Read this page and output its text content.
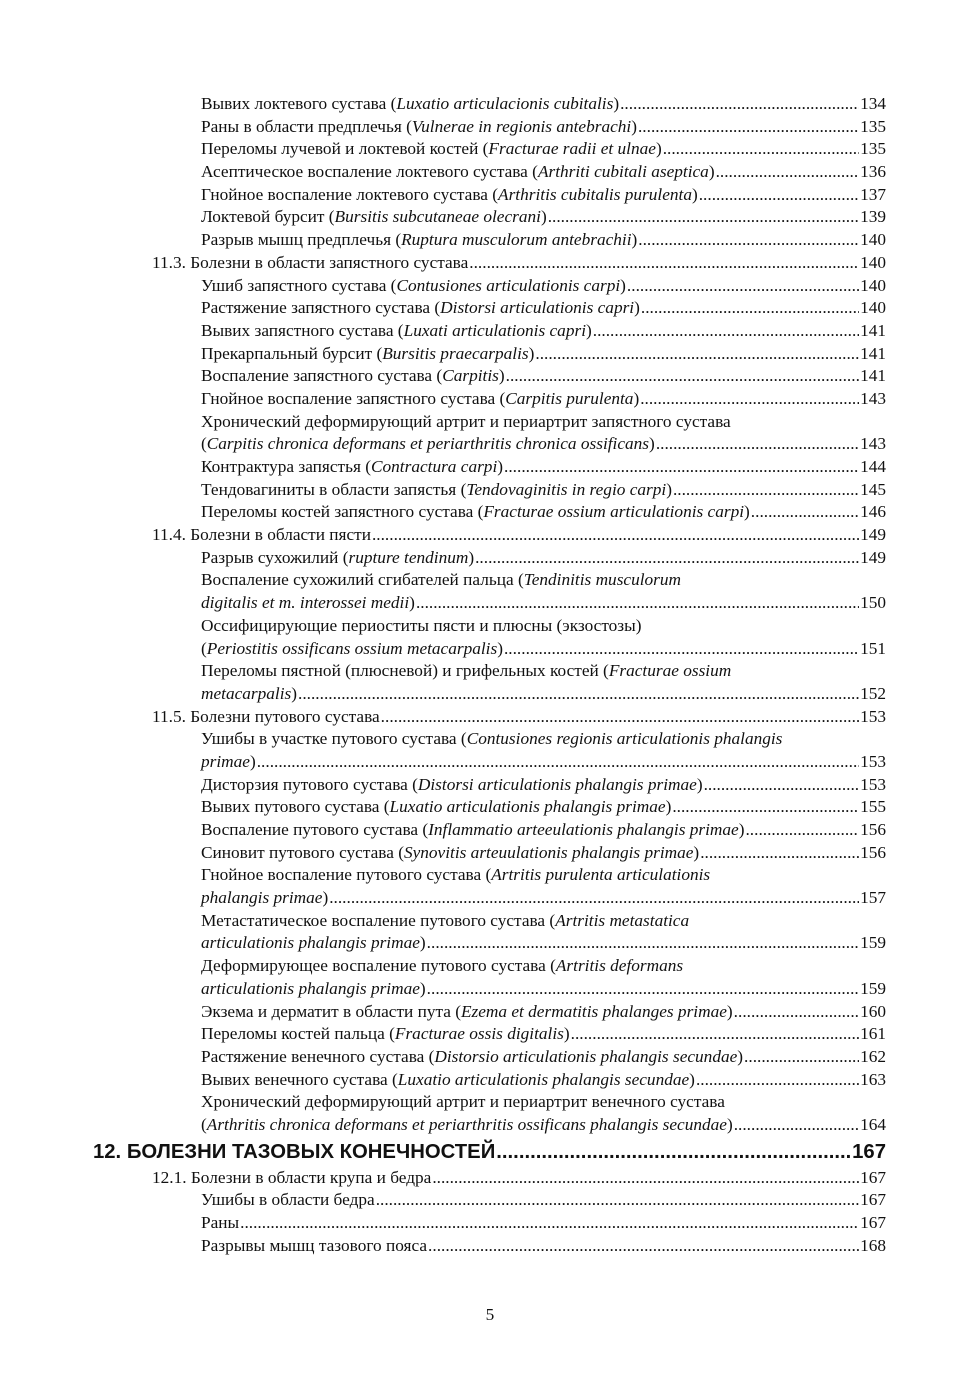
Вывих локтевого сустава (Luxatio articulacionis cubitalis) .....	134
Раны в области предплечья (Vulnerae in regionis antebrachi) .....	135
Переломы лучевой и локтевой костей (Fracturae radii et ulnae) .....	135
Асептическое воспаление локтевого сустава (Arthriti cubitali aseptica) .....	136
Гнойное воспаление локтевого сустава (Arthritis cubitalis purulenta) .....	137
Локтевой бурсит (Bursitis subcutaneae olecrani) .....	139
Разрыв мышц предплечья (Ruptura musculorum antebrachii) .....	140
11.3. Болезни в области запястного сустава .....	140
Ушиб запястного сустава (Contusiones articulationis carpi) .....	140
Растяжение запястного сустава (Distorsi articulationis capri) .....	140
Вывих запястного сустава (Luxati articulationis capri) .....	141
Прекарпальный бурсит (Bursitis praecarpalis) .....	141
Воспаление запястного сустава (Carpitis) .....	141
Гнойное воспаление запястного сустава (Carpitis purulenta) .....	143
Хронический деформирующий артрит и периартрит запястного сустава
(Carpitis chronica deformans et periarthritis chronica ossificans) .....	143
Контрактура запястья (Contractura carpi) .....	144
Тендовагиниты в области запястья (Tendovaginitis in regio carpi) .....	145
Переломы костей запястного сустава (Fracturae ossium articulationis carpi) .....	146
11.4. Болезни в области пясти .....	149
Разрыв сухожилий (rupture tendinum) .....	149
Воспаление сухожилий сгибателей пальца (Tendinitis musculorum
digitalis et m. interossei medii) .....	150
Оссифицирующие периоститы пясти и плюсны (экзостозы)
(Periostitis ossificans ossium metacarpalis) .....	151
Переломы пястной (плюсневой) и грифельных костей (Fracturae ossium
metacarpalis) .....	152
11.5. Болезни путового сустава .....	153
Ушибы в участке путового сустава (Contusiones regionis articulationis phalangis
primae) .....	153
Дисторзия путового сустава (Distorsi articulationis phalangis primae) .....	153
Вывих путового сустава (Luxatio articulationis phalangis primae) .....	155
Воспаление путового сустава (Inflammatio arteeulationis phalangis primae) .....	156
Синовит путового сустава (Synovitis arteuulationis phalangis primae) .....	156
Гнойное воспаление путового сустава (Artritis purulenta articulationis
phalangis primae) .....	157
Метастатическое воспаление путового сустава (Artritis metastatica
articulationis phalangis primae) .....	159
Деформирующее воспаление путового сустава (Artritis deformans
articulationis phalangis primae) .....	159
Экзема и дерматит в области пута (Ezema et dermatitis phalanges primae) .....	160
Переломы костей пальца (Fracturae ossis digitalis) .....	161
Растяжение венечного сустава (Distorsio articulationis phalangis secundae) .....	162
Вывих венечного сустава (Luxatio articulationis phalangis secundae) .....	163
Хронический деформирующий артрит и периартрит венечного сустава
(Arthritis chronica deformans et periarthritis ossificans phalangis secundae) .....	164
12. БОЛЕЗНИ ТАЗОВЫХ КОНЕЧНОСТЕЙ .....	167
12.1. Болезни в области крупа и бедра .....	167
Ушибы в области бедра .....	167
Раны .....	167
Разрывы мышц тазового пояса .....	168
5
